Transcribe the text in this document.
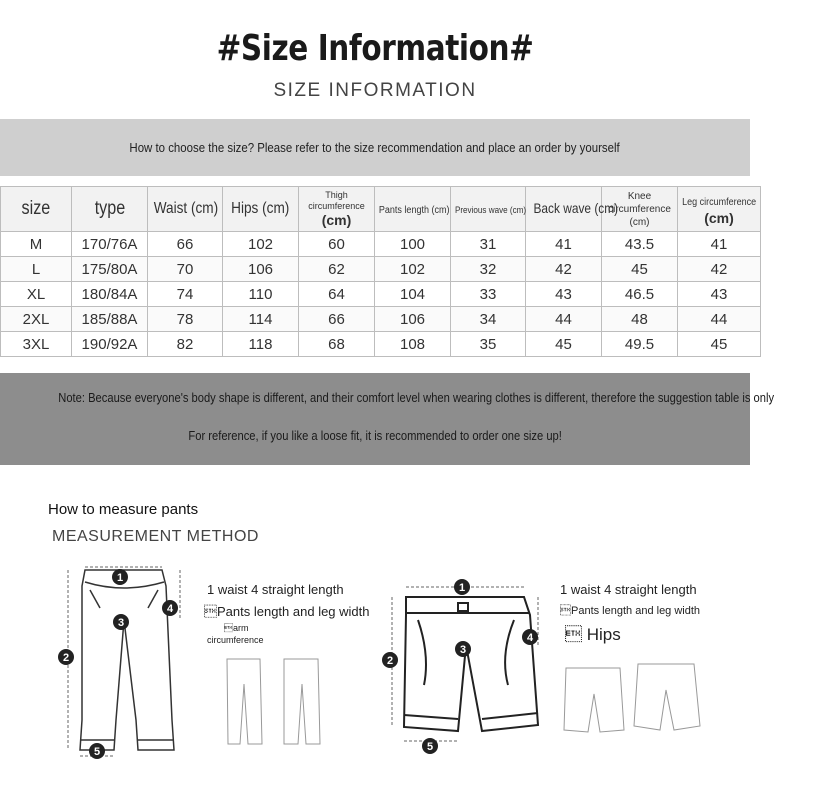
#Size Information#
SIZE INFORMATION
How to choose the size? Please refer to the size recommendation and place an order by yourself
size	type	Waist (cm)	Hips (cm)	Thigh circumference
(cm)	Pants length (cm)	Previous wave (cm)	Back wave (cm)	Knee circumference (cm)	Leg circumference
(cm)

M	170/76A	66	102	60	100	31	41	43.5	41
L	175/80A	70	106	62	102	32	42	45	42
XL	180/84A	74	110	64	104	33	43	46.5	43
2XL	185/88A	78	114	66	106	34	44	48	44
3XL	190/92A	82	118	68	108	35	45	49.5	45
Note: Because everyone's body shape is different, and their comfort level when wearing clothes is different, therefore the suggestion table is only
For reference, if you like a loose fit, it is recommended to order one size up!
How to measure pants
MEASUREMENT METHOD
1
2
3
4
5
1 waist 4 straight length
Pants length and leg width
arm
circumference
1
2
3
4
5
1 waist 4 straight length
Pants length and leg width
 Hips
